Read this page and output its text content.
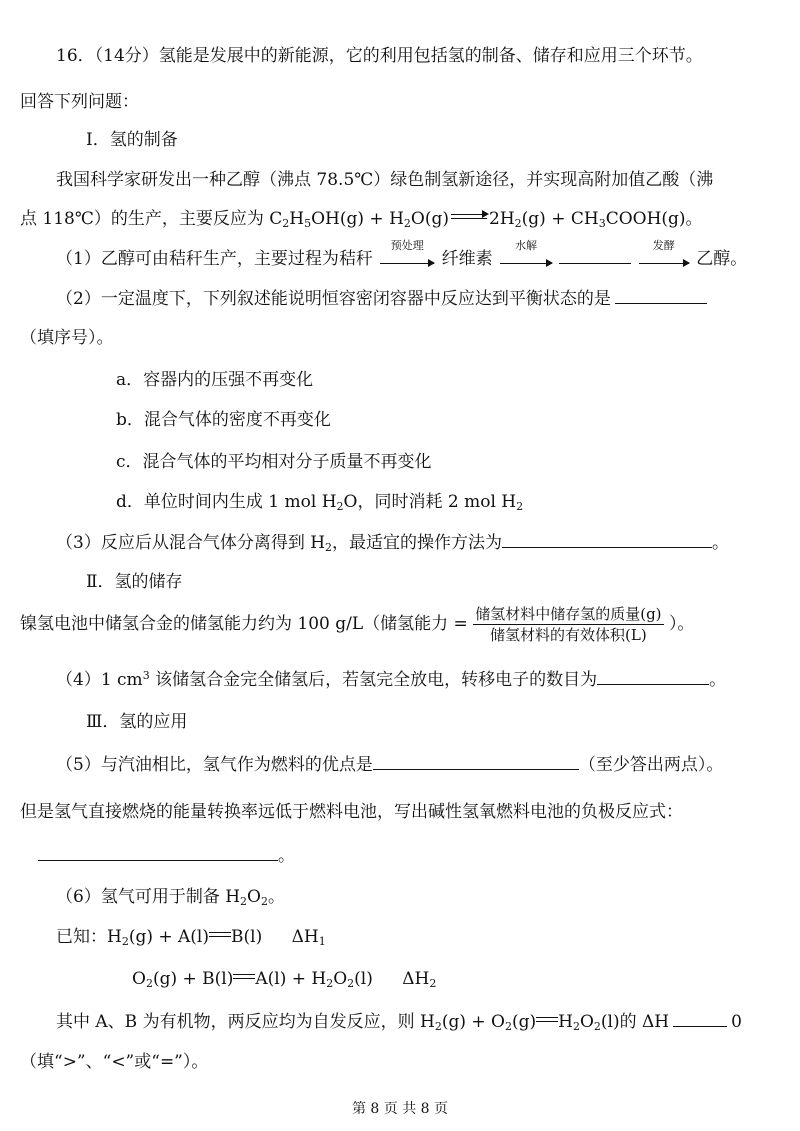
16．（14分）氢能是发展中的新能源，它的利用包括氢的制备、储存和应用三个环节。
回答下列问题：
Ⅰ．氢的制备
我国科学家研发出一种乙醇（沸点 78.5℃）绿色制氢新途径，并实现高附加值乙酸（沸
点 118℃）的生产，主要反应为 $C_2H_5OH(g) + H_2O(g) 2H_2(g)$ + $CH_3COOH(g)$。
（1）乙醇可由秸秆生产，主要过程为秸秆
预处理
纤维素
水解
	发酵
乙醇。
（2）一定温度下，下列叙述能说明恒容密闭容器中反应达到平衡状态的是
（填序号）。
a．容器内的压强不再变化
b．混合气体的密度不再变化
c．混合气体的平均相对分子质量不再变化
d．单位时间内生成 1 mol $H_2O$，同时消耗 2 mol $H_2$
（3）反应后从混合气体分离得到 $H_2$，最适宜的操作方法为	。
Ⅱ．氢的储存
镍氢电池中储氢合金的储氢能力约为 100 g/L（储氢能力 = $\frac{\text{储氢材料中储存氢的质量(g)}}{\text{储氢材料的有效体积(L)}}$ ）。
（4）1 $cm^3$ 该储氢合金完全储氢后，若氢完全放电，转移电子的数目为	。
Ⅲ．氢的应用
（5）与汽油相比，氢气作为燃料的优点是	（至少答出两点）。
但是氢气直接燃烧的能量转换率远低于燃料电池，写出碱性氢氧燃料电池的负极反应式：
。
（6）氢气可用于制备 $H_2O_2$。
已知：$H_2(g) + A(l)$ B(l) $\Delta H_1$
$O_2(g) + B(l) A(l) + H_2O_2(l)$ $\Delta H_2$
其中 A、B 为有机物，两反应均为自发反应，则 $H_2(g) + O_2(g)$ $H_2O_2(l)$的 ΔH	0
（填“>”、“<”或“=”）。
第 8 页 共 8 页
